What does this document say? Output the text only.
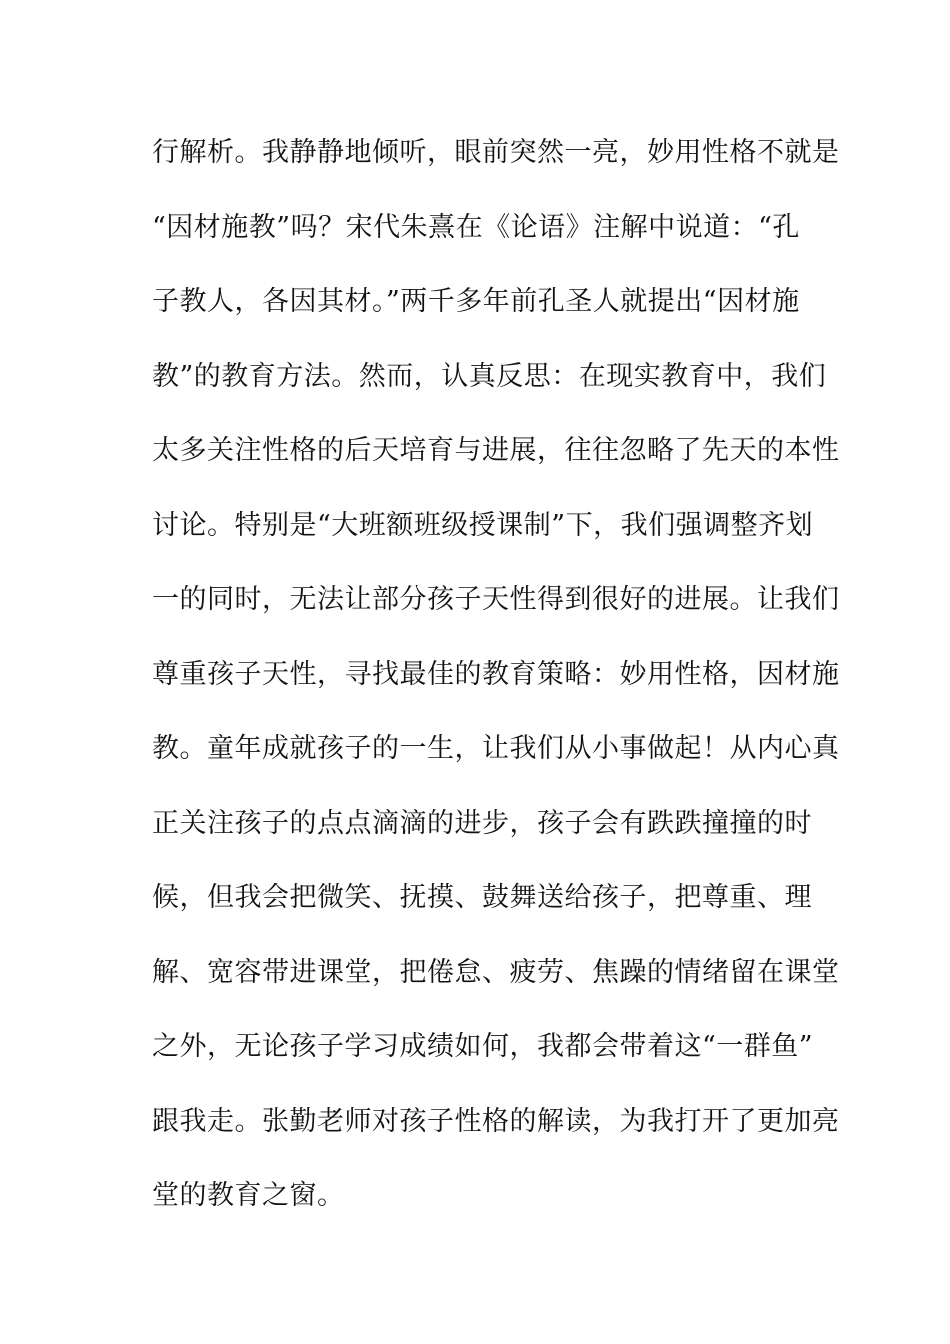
行解析。我静静地倾听，眼前突然一亮，妙用性格不就是
“因材施教”吗？宋代朱熹在《论语》注解中说道：“孔
子教人，各因其材。”两千多年前孔圣人就提出“因材施
教”的教育方法。然而，认真反思：在现实教育中，我们
太多关注性格的后天培育与进展，往往忽略了先天的本性
讨论。特别是“大班额班级授课制”下，我们强调整齐划
一的同时，无法让部分孩子天性得到很好的进展。让我们
尊重孩子天性，寻找最佳的教育策略：妙用性格，因材施
教。童年成就孩子的一生，让我们从小事做起！从内心真
正关注孩子的点点滴滴的进步，孩子会有跌跌撞撞的时
候，但我会把微笑、抚摸、鼓舞送给孩子，把尊重、理
解、宽容带进课堂，把倦怠、疲劳、焦躁的情绪留在课堂
之外，无论孩子学习成绩如何，我都会带着这“一群鱼”
跟我走。张勤老师对孩子性格的解读，为我打开了更加亮
堂的教育之窗。
